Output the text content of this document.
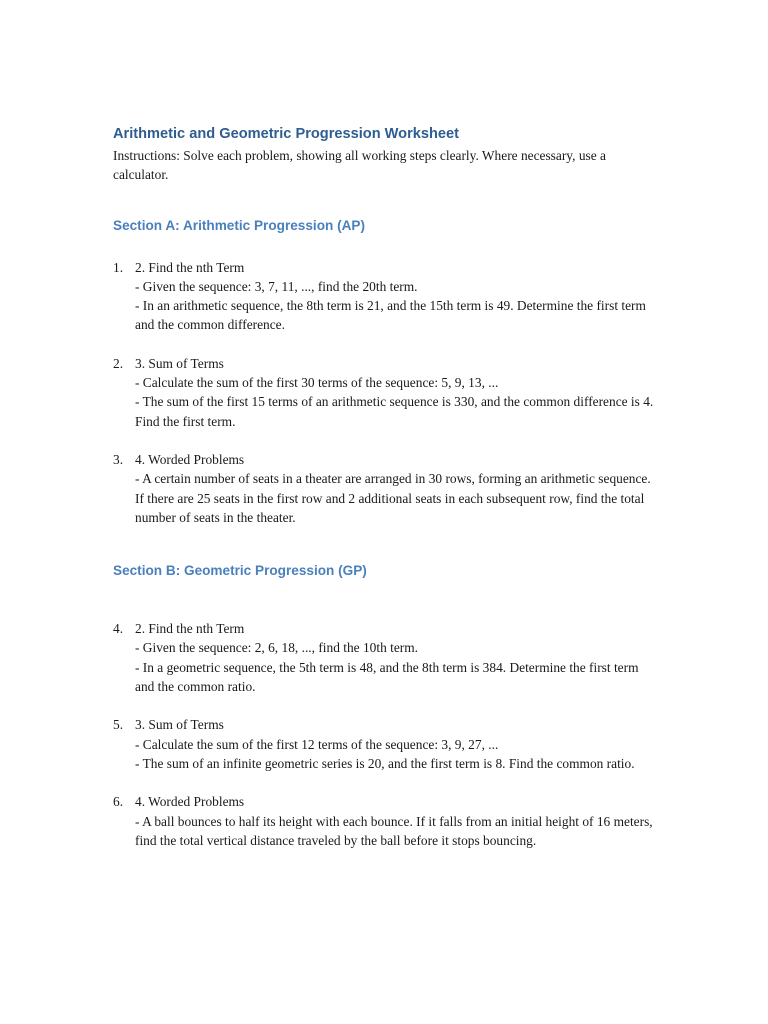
Arithmetic and Geometric Progression Worksheet

Instructions: Solve each problem, showing all working steps clearly. Where necessary, use a calculator.

Section A: Arithmetic Progression (AP)
1. 2. Find the nth Term
- Given the sequence: 3, 7, 11, ..., find the 20th term.
- In an arithmetic sequence, the 8th term is 21, and the 15th term is 49. Determine the first term and the common difference.
2. 3. Sum of Terms
- Calculate the sum of the first 30 terms of the sequence: 5, 9, 13, ...
- The sum of the first 15 terms of an arithmetic sequence is 330, and the common difference is 4. Find the first term.
3. 4. Worded Problems
- A certain number of seats in a theater are arranged in 30 rows, forming an arithmetic sequence. If there are 25 seats in the first row and 2 additional seats in each subsequent row, find the total number of seats in the theater.
Section B: Geometric Progression (GP)
4. 2. Find the nth Term
- Given the sequence: 2, 6, 18, ..., find the 10th term.
- In a geometric sequence, the 5th term is 48, and the 8th term is 384. Determine the first term and the common ratio.
5. 3. Sum of Terms
- Calculate the sum of the first 12 terms of the sequence: 3, 9, 27, ...
- The sum of an infinite geometric series is 20, and the first term is 8. Find the common ratio.
6. 4. Worded Problems
- A ball bounces to half its height with each bounce. If it falls from an initial height of 16 meters, find the total vertical distance traveled by the ball before it stops bouncing.
